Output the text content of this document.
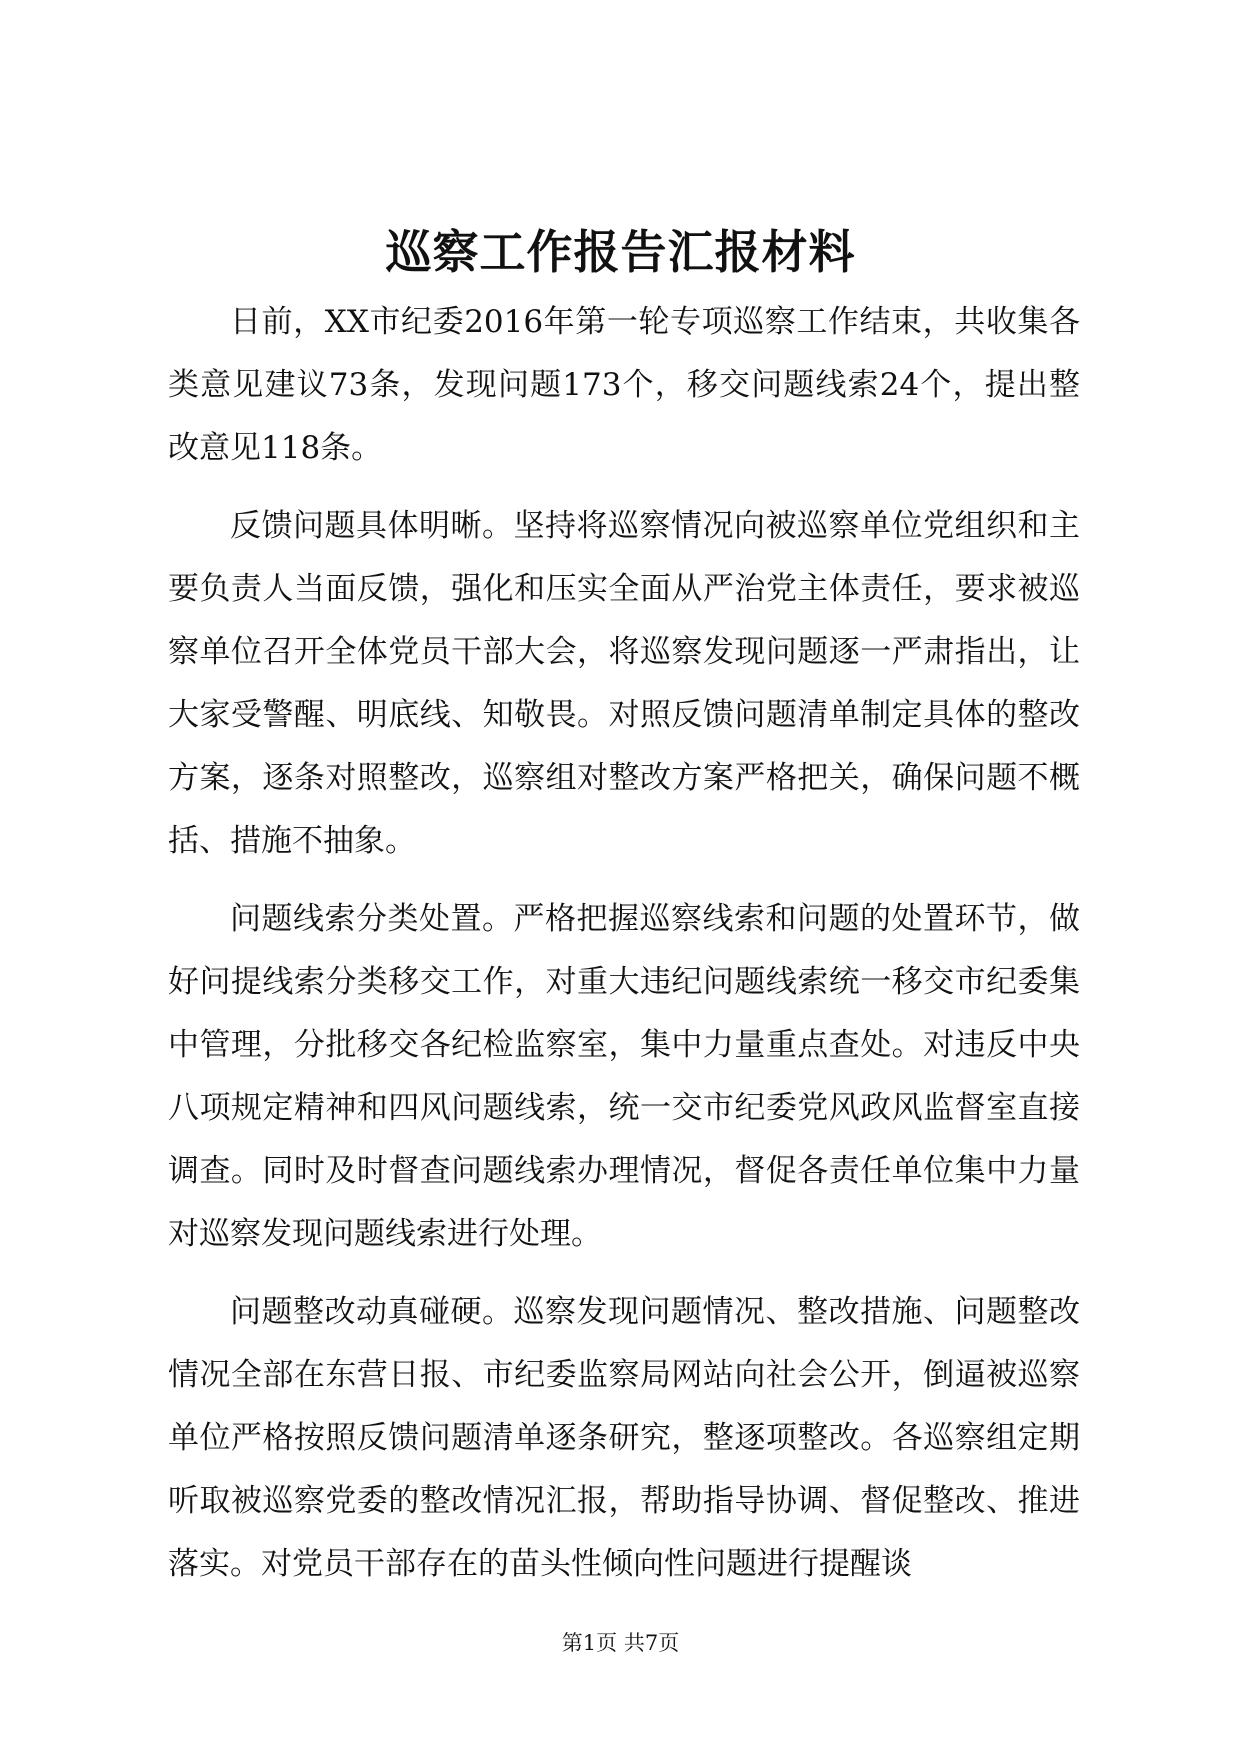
巡察工作报告汇报材料

日前，XX市纪委2016年第一轮专项巡察工作结束，共收集各类意见建议73条，发现问题173个，移交问题线索24个，提出整改意见118条。

反馈问题具体明晰。坚持将巡察情况向被巡察单位党组织和主要负责人当面反馈，强化和压实全面从严治党主体责任，要求被巡察单位召开全体党员干部大会，将巡察发现问题逐一严肃指出，让大家受警醒、明底线、知敬畏。对照反馈问题清单制定具体的整改方案，逐条对照整改，巡察组对整改方案严格把关，确保问题不概括、措施不抽象。

问题线索分类处置。严格把握巡察线索和问题的处置环节，做好问提线索分类移交工作，对重大违纪问题线索统一移交市纪委集中管理，分批移交各纪检监察室，集中力量重点查处。对违反中央八项规定精神和四风问题线索，统一交市纪委党风政风监督室直接调查。同时及时督查问题线索办理情况，督促各责任单位集中力量对巡察发现问题线索进行处理。

问题整改动真碰硬。巡察发现问题情况、整改措施、问题整改情况全部在东营日报、市纪委监察局网站向社会公开，倒逼被巡察单位严格按照反馈问题清单逐条研究，整逐项整改。各巡察组定期听取被巡察党委的整改情况汇报，帮助指导协调、督促整改、推进落实。对党员干部存在的苗头性倾向性问题进行提醒谈

第1页 共7页
